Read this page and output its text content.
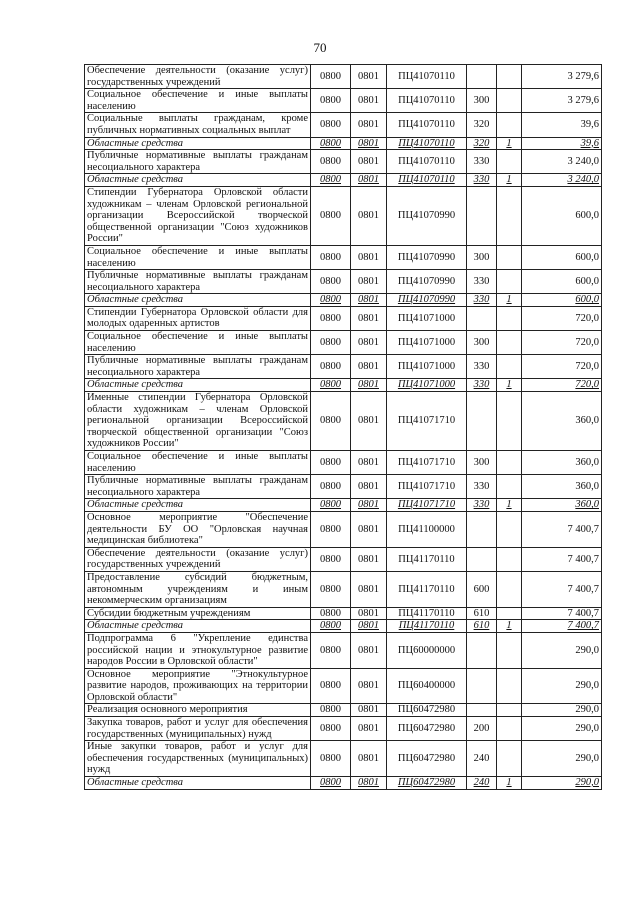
70
Обеспечение деятельности (оказание услуг) государственных учреждений	0800	0801	ПЦ41070110			3 279,6
Социальное обеспечение и иные выплаты населению	0800	0801	ПЦ41070110	300		3 279,6
Социальные выплаты гражданам, кроме публичных нормативных социальных выплат	0800	0801	ПЦ41070110	320		39,6
Областные средства	0800	0801	ПЦ41070110	320	1	39,6
Публичные нормативные выплаты гражданам несоциального характера	0800	0801	ПЦ41070110	330		3 240,0
Областные средства	0800	0801	ПЦ41070110	330	1	3 240,0
Стипендии Губернатора Орловской области художникам – членам Орловской региональной организации Всероссийской творческой общественной организации "Союз художников России"	0800	0801	ПЦ41070990			600,0
Социальное обеспечение и иные выплаты населению	0800	0801	ПЦ41070990	300		600,0
Публичные нормативные выплаты гражданам несоциального характера	0800	0801	ПЦ41070990	330		600,0
Областные средства	0800	0801	ПЦ41070990	330	1	600,0
Стипендии Губернатора Орловской области для молодых одаренных артистов	0800	0801	ПЦ41071000			720,0
Социальное обеспечение и иные выплаты населению	0800	0801	ПЦ41071000	300		720,0
Публичные нормативные выплаты гражданам несоциального характера	0800	0801	ПЦ41071000	330		720,0
Областные средства	0800	0801	ПЦ41071000	330	1	720,0
Именные стипендии Губернатора Орловской области художникам – членам Орловской региональной организации Всероссийской творческой общественной организации "Союз художников России"	0800	0801	ПЦ41071710			360,0
Социальное обеспечение и иные выплаты населению	0800	0801	ПЦ41071710	300		360,0
Публичные нормативные выплаты гражданам несоциального характера	0800	0801	ПЦ41071710	330		360,0
Областные средства	0800	0801	ПЦ41071710	330	1	360,0
Основное мероприятие "Обеспечение деятельности БУ ОО "Орловская научная медицинская библиотека"	0800	0801	ПЦ41100000			7 400,7
Обеспечение деятельности (оказание услуг) государственных учреждений	0800	0801	ПЦ41170110			7 400,7
Предоставление субсидий бюджетным, автономным учреждениям и иным некоммерческим организациям	0800	0801	ПЦ41170110	600		7 400,7
Субсидии бюджетным учреждениям	0800	0801	ПЦ41170110	610		7 400,7
Областные средства	0800	0801	ПЦ41170110	610	1	7 400,7
Подпрограмма 6 "Укрепление единства российской нации и этнокультурное развитие народов России в Орловской области"	0800	0801	ПЦ60000000			290,0
Основное мероприятие "Этнокультурное развитие народов, проживающих на территории Орловской области"	0800	0801	ПЦ60400000			290,0
Реализация основного мероприятия	0800	0801	ПЦ60472980			290,0
Закупка товаров, работ и услуг для обеспечения государственных (муниципальных) нужд	0800	0801	ПЦ60472980	200		290,0
Иные закупки товаров, работ и услуг для обеспечения государственных (муниципальных) нужд	0800	0801	ПЦ60472980	240		290,0
Областные средства	0800	0801	ПЦ60472980	240	1	290,0
